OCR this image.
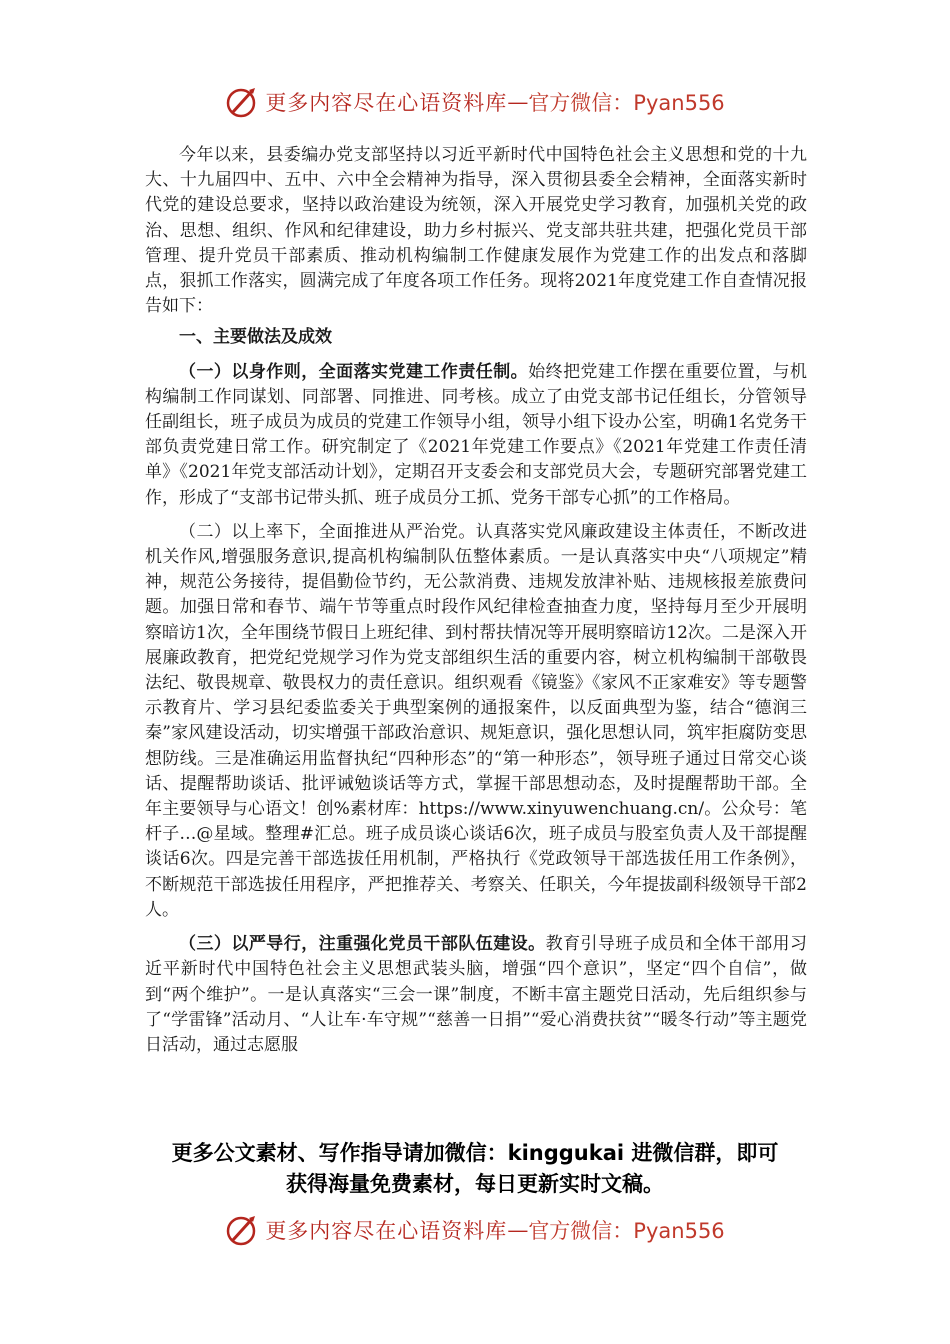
更多内容尽在心语资料库 — 官方微信：Pyan556

今年以来，县委编办党支部坚持以习近平新时代中国特色社会主义思想和党的十九大、十九届四中、五中、六中全会精神为指导，深入贯彻县委全会精神，全面落实新时代党的建设总要求，坚持以政治建设为统领，深入开展党史学习教育，加强机关党的政治、思想、组织、作风和纪律建设，助力乡村振兴、党支部共驻共建，把强化党员干部管理、提升党员干部素质、推动机构编制工作健康发展作为党建工作的出发点和落脚点，狠抓工作落实，圆满完成了年度各项工作任务。现将2021年度党建工作自查情况报告如下：

一、主要做法及成效

（一）以身作则，全面落实党建工作责任制。始终把党建工作摆在重要位置，与机构编制工作同谋划、同部署、同推进、同考核。成立了由党支部书记任组长，分管领导任副组长，班子成员为成员的党建工作领导小组，领导小组下设办公室，明确1名党务干部负责党建日常工作。研究制定了《2021年党建工作要点》《2021年党建工作责任清单》《2021年党支部活动计划》，定期召开支委会和支部党员大会，专题研究部署党建工作，形成了“支部书记带头抓、班子成员分工抓、党务干部专心抓”的工作格局。

（二）以上率下，全面推进从严治党。认真落实党风廉政建设主体责任，不断改进机关作风,增强服务意识,提高机构编制队伍整体素质。一是认真落实中央“八项规定”精神，规范公务接待，提倡勤俭节约，无公款消费、违规发放津补贴、违规核报差旅费问题。加强日常和春节、端午节等重点时段作风纪律检查抽查力度，坚持每月至少开展明察暗访1次，全年围绕节假日上班纪律、到村帮扶情况等开展明察暗访12次。二是深入开展廉政教育，把党纪党规学习作为党支部组织生活的重要内容，树立机构编制干部敬畏法纪、敬畏规章、敬畏权力的责任意识。组织观看《镜鉴》《家风不正家难安》等专题警示教育片、学习县纪委监委关于典型案例的通报案件，以反面典型为鉴，结合“德润三秦”家风建设活动，切实增强干部政治意识、规矩意识，强化思想认同，筑牢拒腐防变思想防线。三是准确运用监督执纪“四种形态”的“第一种形态”，领导班子通过日常交心谈话、提醒帮助谈话、批评诫勉谈话等方式，掌握干部思想动态，及时提醒帮助干部。全年主要领导与心语文！创%素材库：https://www.xinyuwenchuang.cn/。公众号：笔杆子…@星域。整理#汇总。班子成员谈心谈话6次，班子成员与股室负责人及干部提醒谈话6次。四是完善干部选拔任用机制，严格执行《党政领导干部选拔任用工作条例》，不断规范干部选拔任用程序，严把推荐关、考察关、任职关，今年提拔副科级领导干部2人。

（三）以严导行，注重强化党员干部队伍建设。教育引导班子成员和全体干部用习近平新时代中国特色社会主义思想武装头脑，增强“四个意识”，坚定“四个自信”，做到“两个维护”。一是认真落实“三会一课”制度，不断丰富主题党日活动，先后组织参与了“学雷锋”活动月、“人让车·车守规”“慈善一日捐”“爱心消费扶贫”“暖冬行动”等主题党日活动，通过志愿服

更多公文素材、写作指导请加微信：kinggukai 进微信群，即可
获得海量免费素材，每日更新实时文稿。
更多内容尽在心语资料库 — 官方微信：Pyan556
